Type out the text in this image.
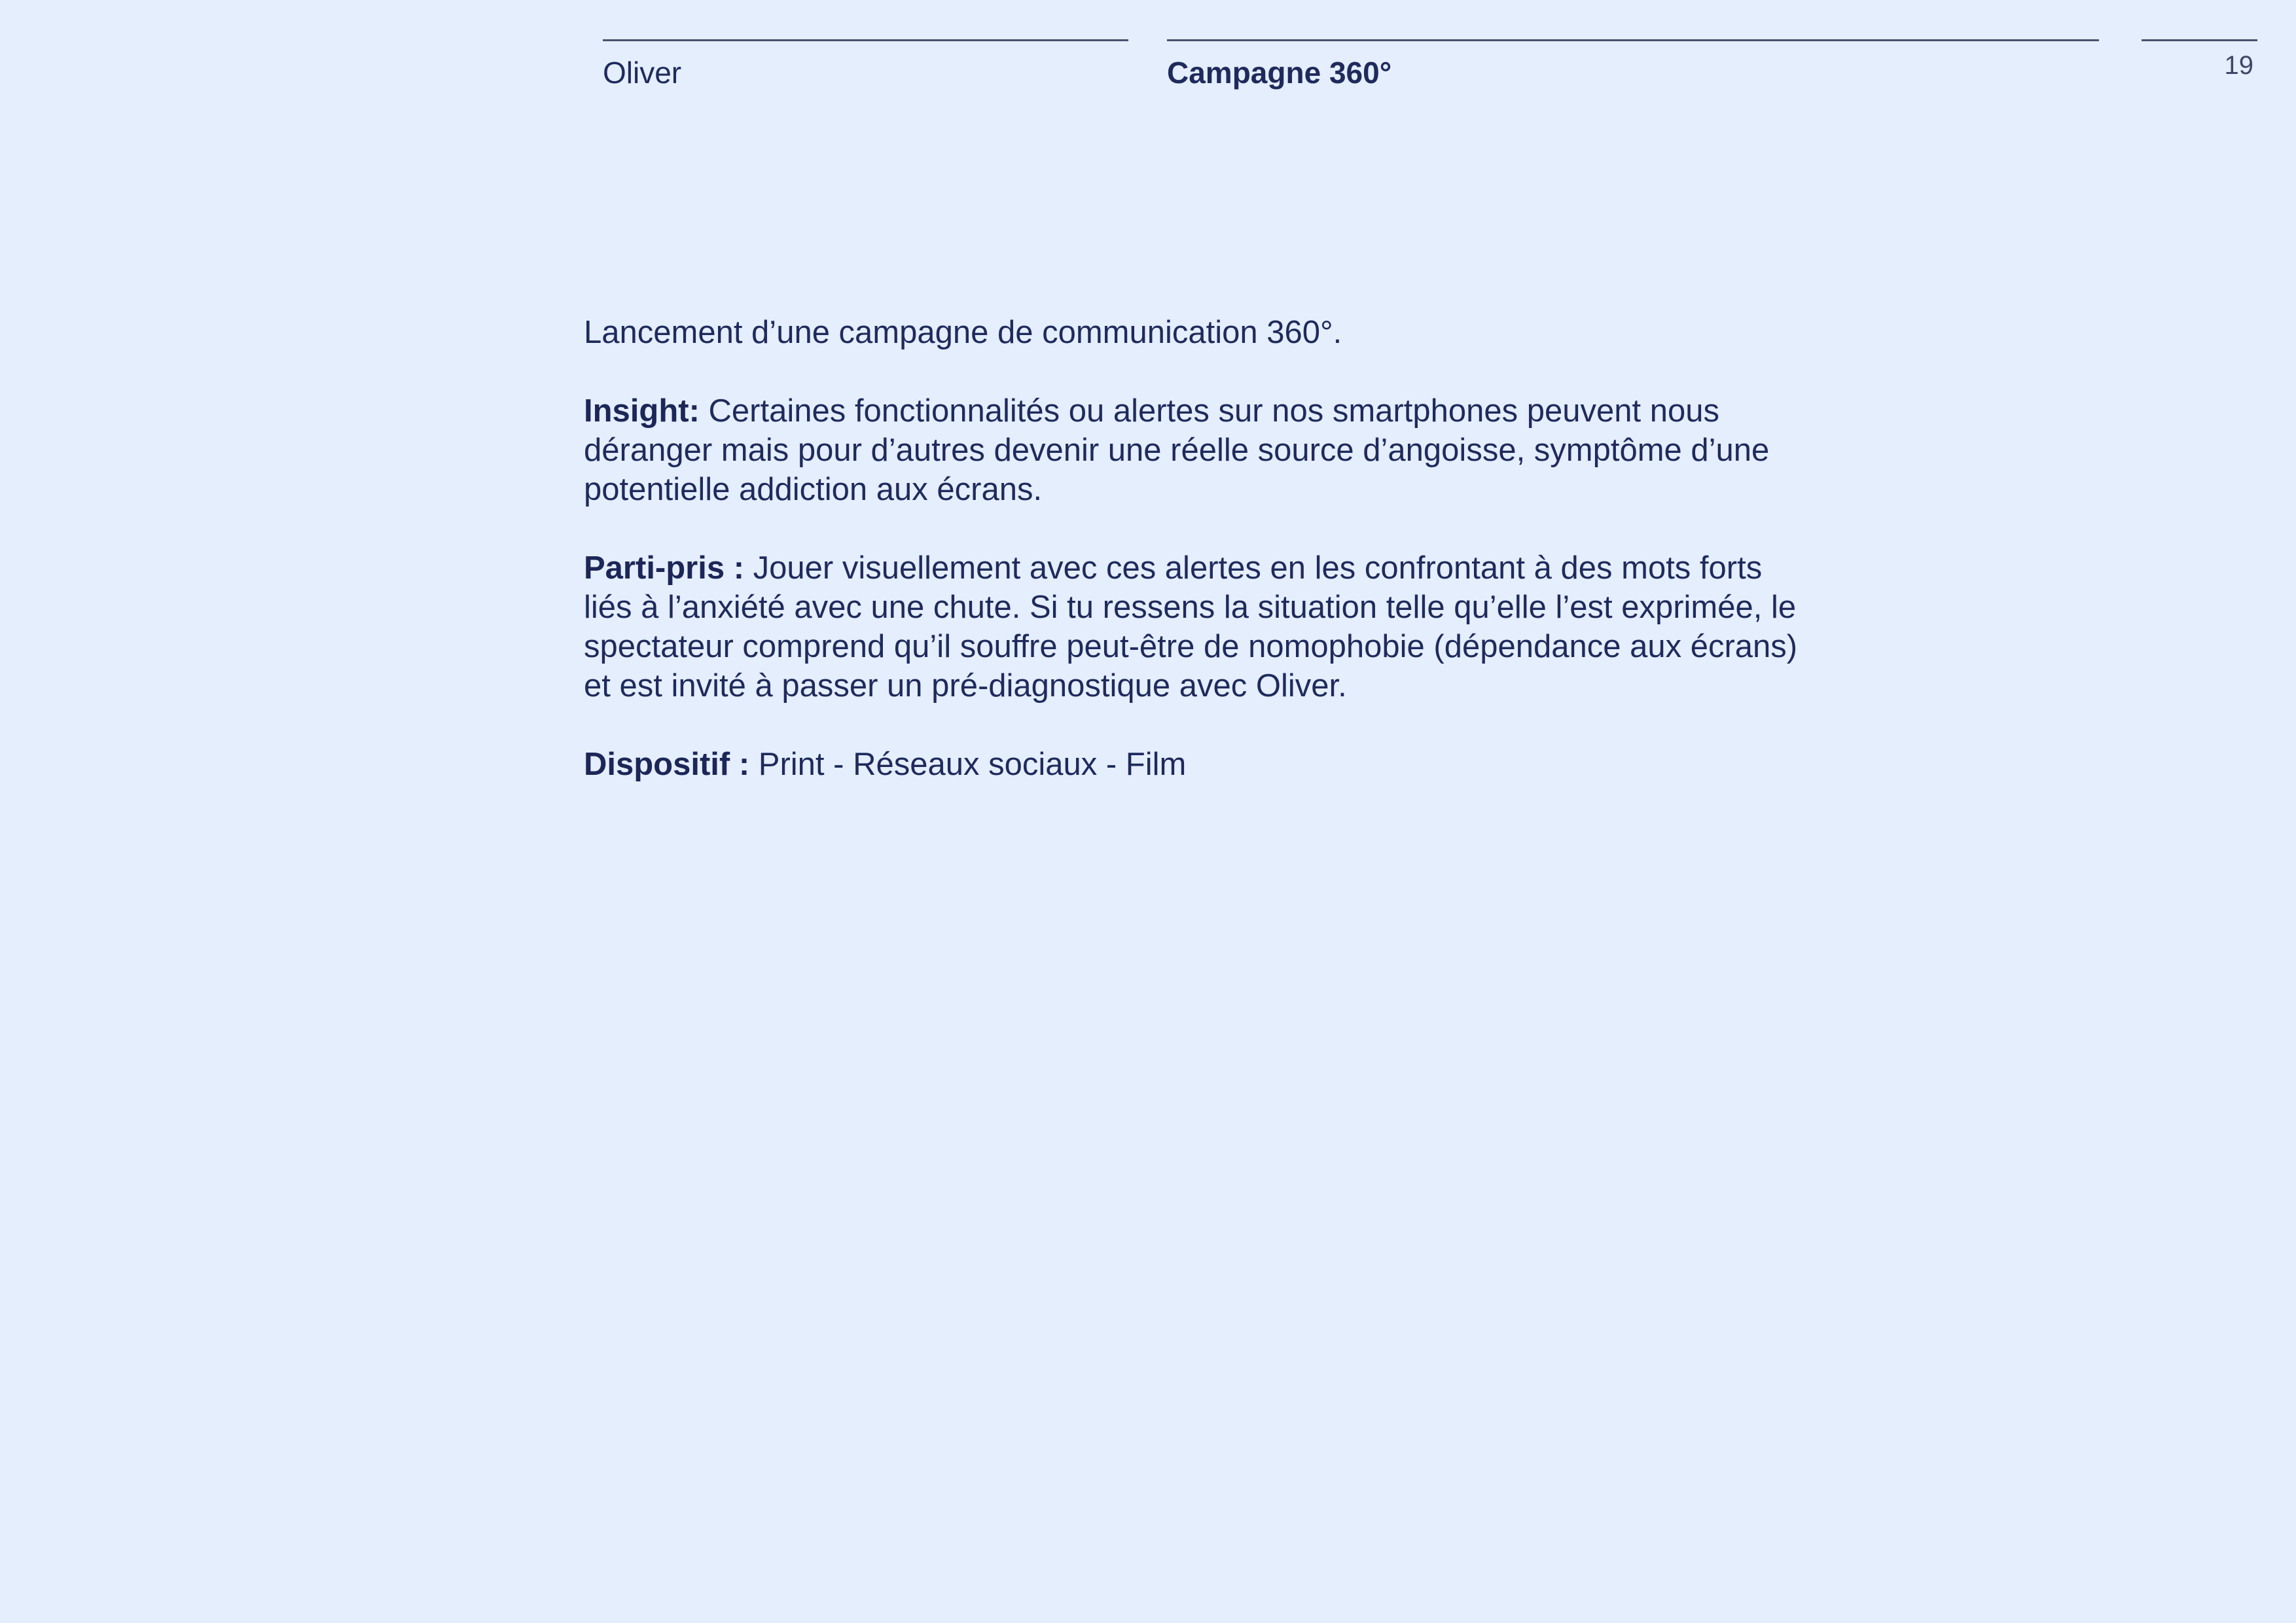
Oliver	Campagne 360°	19

Lancement d’une campagne de communication 360°.

Insight: Certaines fonctionnalités ou alertes sur nos smartphones peuvent nous déranger mais pour d’autres devenir une réelle source d’angoisse, symptôme d’une potentielle addiction aux écrans.

Parti-pris : Jouer visuellement avec ces alertes en les confrontant à des mots forts liés à l’anxiété avec une chute. Si tu ressens la situation telle qu’elle l’est exprimée, le spectateur comprend qu’il souffre peut-être de nomophobie (dépendance aux écrans) et est invité à passer un pré-diagnostique avec Oliver.

Dispositif : Print - Réseaux sociaux - Film
